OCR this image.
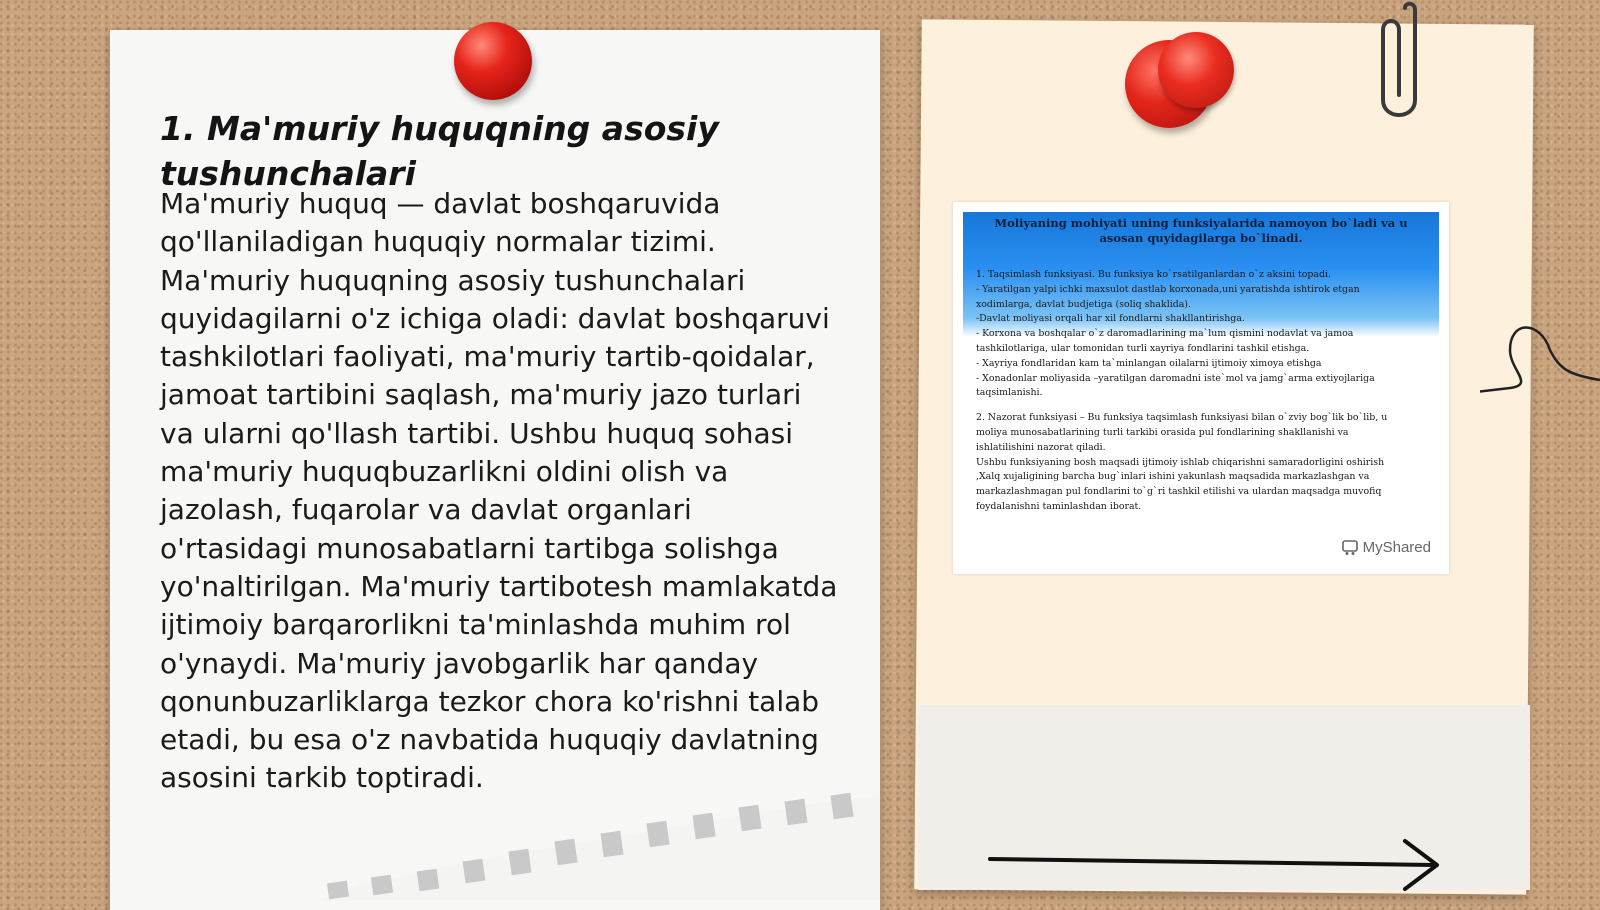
1. Ma'muriy huquqning asosiy tushunchalari

Ma'muriy huquq — davlat boshqaruvida qo'llaniladigan huquqiy normalar tizimi. Ma'muriy huquqning asosiy tushunchalari quyidagilarni o'z ichiga oladi: davlat boshqaruvi tashkilotlari faoliyati, ma'muriy tartib-qoidalar, jamoat tartibini saqlash, ma'muriy jazo turlari va ularni qo'llash tartibi. Ushbu huquq sohasi ma'muriy huquqbuzarlikni oldini olish va jazolash, fuqarolar va davlat organlari o'rtasidagi munosabatlarni tartibga solishga yo'naltirilgan. Ma'muriy tartibotesh mamlakatda ijtimoiy barqarorlikni ta'minlashda muhim rol o'ynaydi. Ma'muriy javobgarlik har qanday qonunbuzarliklarga tezkor chora ko'rishni talab etadi, bu esa o'z navbatida huquqiy davlatning asosini tarkib toptiradi.

Moliyaning mohiyati uning funksiyalarida namoyon bo`ladi va u asosan quyidagilarga bo`linadi.

1. Taqsimlash funksiyasi. Bu funksiya ko`rsatilganlardan o`z aksini topadi.

- Yaratilgan yalpi ichki maxsulot dastlab korxonada,uni yaratishda ishtirok etgan

xodimlarga, davlat budjetiga (soliq shaklida).

-Davlat moliyasi orqali har xil fondlarni shakllantirishga.

- Korxona va boshqalar o`z daromadlarining ma`lum qismini nodavlat va jamoa

tashkilotlariga, ular tomonidan turli xayriya fondlarini tashkil etishga.

- Xayriya fondlaridan kam ta`minlangan oilalarni ijtimoiy ximoya etishga

- Xonadonlar moliyasida –yaratilgan daromadni iste`mol va jamg`arma extiyojlariga

taqsimlanishi.

2. Nazorat funksiyasi – Bu funksiya taqsimlash funksiyasi bilan o`zviy bog`lik bo`lib, u

moliya munosabatlarining turli tarkibi orasida pul fondlarining shakllanishi va

ishlatilishini nazorat qiladi.

Ushbu funksiyaning bosh maqsadi ijtimoiy ishlab chiqarishni samaradorligini oshirish

,Xalq xujaligining barcha bug`inlari ishini yakunlash maqsadida markazlashgan va

markazlashmagan pul fondlarini to`g`ri tashkil etilishi va ulardan maqsadga muvofiq

foydalanishni taminlashdan iborat.

MyShared
